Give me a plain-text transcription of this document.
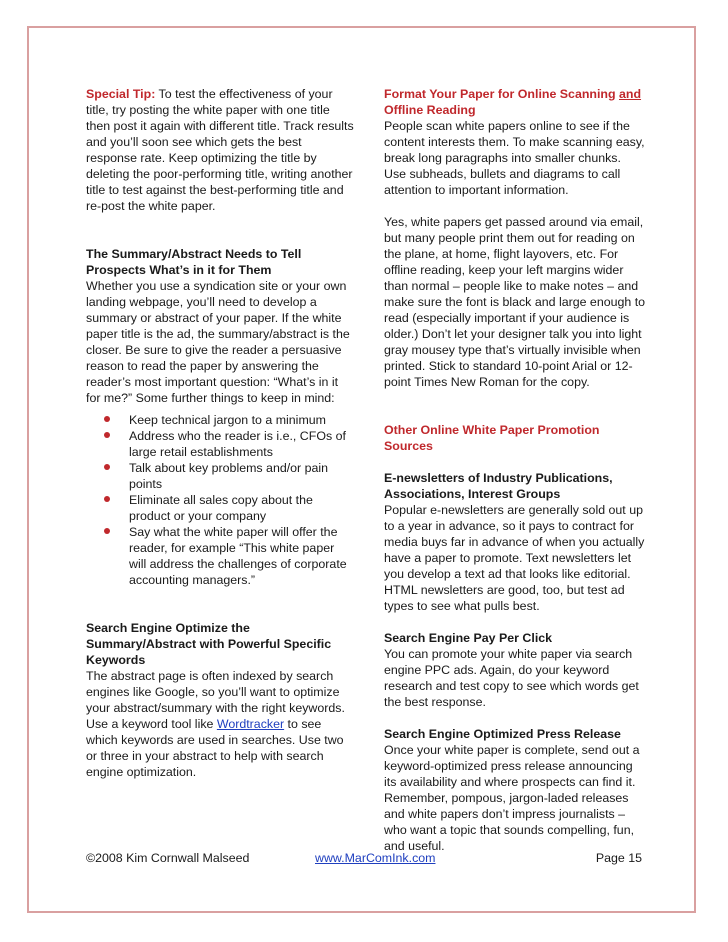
Special Tip: To test the effectiveness of your title, try posting the white paper with one title then post it again with different title. Track results and you’ll soon see which gets the best response rate. Keep optimizing the title by deleting the poor-performing title, writing another title to test against the best-performing title and re-post the white paper.

The Summary/Abstract Needs to Tell Prospects What’s in it for Them

Whether you use a syndication site or your own landing webpage, you’ll need to develop a summary or abstract of your paper. If the white paper title is the ad, the summary/abstract is the closer. Be sure to give the reader a persuasive reason to read the paper by answering the reader’s most important question: “What’s in it for me?” Some further things to keep in mind:

Keep technical jargon to a minimum
Address who the reader is i.e., CFOs of large retail establishments
Talk about key problems and/or pain points
Eliminate all sales copy about the product or your company
Say what the white paper will offer the reader, for example “This white paper will address the challenges of corporate accounting managers.”

Search Engine Optimize the Summary/Abstract with Powerful Specific Keywords

The abstract page is often indexed by search engines like Google, so you’ll want to optimize your abstract/summary with the right keywords. Use a keyword tool like Wordtracker to see which keywords are used in searches. Use two or three in your abstract to help with search engine optimization.

Format Your Paper for Online Scanning and Offline Reading

People scan white papers online to see if the content interests them. To make scanning easy, break long paragraphs into smaller chunks. Use subheads, bullets and diagrams to call attention to important information.

Yes, white papers get passed around via email, but many people print them out for reading on the plane, at home, flight layovers, etc. For offline reading, keep your left margins wider than normal – people like to make notes – and make sure the font is black and large enough to read (especially important if your audience is older.) Don’t let your designer talk you into light gray mousey type that’s virtually invisible when printed. Stick to standard 10-point Arial or 12-point Times New Roman for the copy.

Other Online White Paper Promotion Sources

E-newsletters of Industry Publications, Associations, Interest Groups

Popular e-newsletters are generally sold out up to a year in advance, so it pays to contract for media buys far in advance of when you actually have a paper to promote. Text newsletters let you develop a text ad that looks like editorial. HTML newsletters are good, too, but test ad types to see what pulls best.

Search Engine Pay Per Click

You can promote your white paper via search engine PPC ads. Again, do your keyword research and test copy to see which words get the best response.

Search Engine Optimized Press Release

Once your white paper is complete, send out a keyword-optimized press release announcing its availability and where prospects can find it. Remember, pompous, jargon-laded releases and white papers don’t impress journalists – who want a topic that sounds compelling, fun, and useful.

©2008 Kim Cornwall Malseed	www.MarComInk.com	Page 15
